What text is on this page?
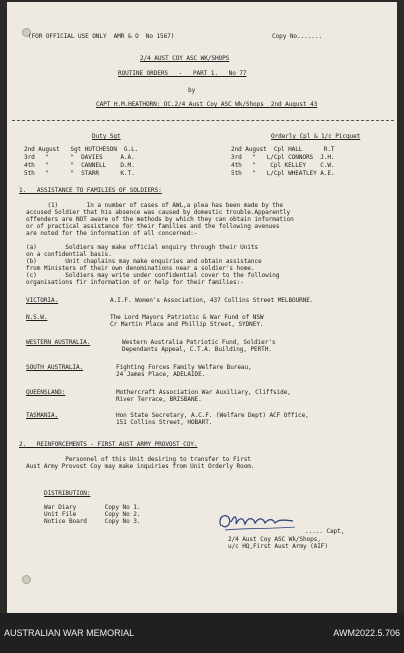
(FOR OFFICIAL USE ONLY  AMR & O  No 1567)	Copy No.......
2/4 AUST COY ASC WK/SHOPS
ROUTINE ORDERS   -   PART 1.   No 77
by
CAPT H.M.HEATHORN: OC.2/4 Aust Coy ASC Wk/Shops  2nd August 43
Duty Sgt	Orderly Cpl & 1/c Picquet
2nd August   Sgt HUTCHESON  G.L.
3rd   "      "  DAVIES     A.A.
4th   "      "  CANNELL    D.M.
5th   "      "  STARR      K.T.
2nd August  Cpl HALL      R.T
3rd   "   L/Cpl CONNORS  J.H.
4th   "    Cpl KELLEY    C.W.
5th   "   L/Cpl WHEATLEY A.E.
1.   ASSISTANCE TO FAMILIES OF SOLDIERS:
(1)        In a number of cases of AWL,a plea has been made by the
accused Soldier that his absence was caused by domestic trouble.Apparently
offenders are NOT aware of the methods by which they can obtain information
or of practical assistance for their families and the following avenues
are noted for the information of all concerned:-
(a)        Soldiers may make official enquiry through their Units
on a confidential basis.
(b)        Unit chaplains may make enquiries and obtain assistance
from Ministers of their own denominations near a soldier's home.
(c)        Soldiers may write under confidential cover to the following
organisations fir information of or help for their families:-
VICTORIA.	A.I.F. Women's Association, 437 Collins Street MELBOURNE.
N.S.W.	The Lord Mayors Patriotic & War Fund of NSW
Cr Martin Place and Phillip Street, SYDNEY.
WESTERN AUSTRALIA.	Western Australia Patriotic Fund, Soldier's
Dependants Appeal, C.T.A. Building, PERTH.
SOUTH AUSTRALIA.	Fighting Forces Family Welfare Bureau,
24 James Place, ADELAIDE.
QUEENSLAND:	Mothercraft Association War Auxiliary, Cliffside,
River Terrace, BRISBANE.
TASMANIA.	Hon State Secretary, A.C.F. (Welfare Dept) ACF Office,
151 Collins Street, HOBART.
2.   REINFORCEMENTS - FIRST AUST ARMY PROVOST COY.
Personnel of this Unit desiring to transfer to First
Aust Army Provost Coy may make inquiries from Unit Orderly Room.
DISTRIBUTION:
War Diary        Copy No 1.
Unit File        Copy No 2.
Notice Board     Copy No 3.
..... Capt,
2/4 Aust Coy ASC Wk/Shops,
u/c HQ,First Aust Army (AIF)
AUSTRALIAN WAR MEMORIAL	AWM2022.5.706
